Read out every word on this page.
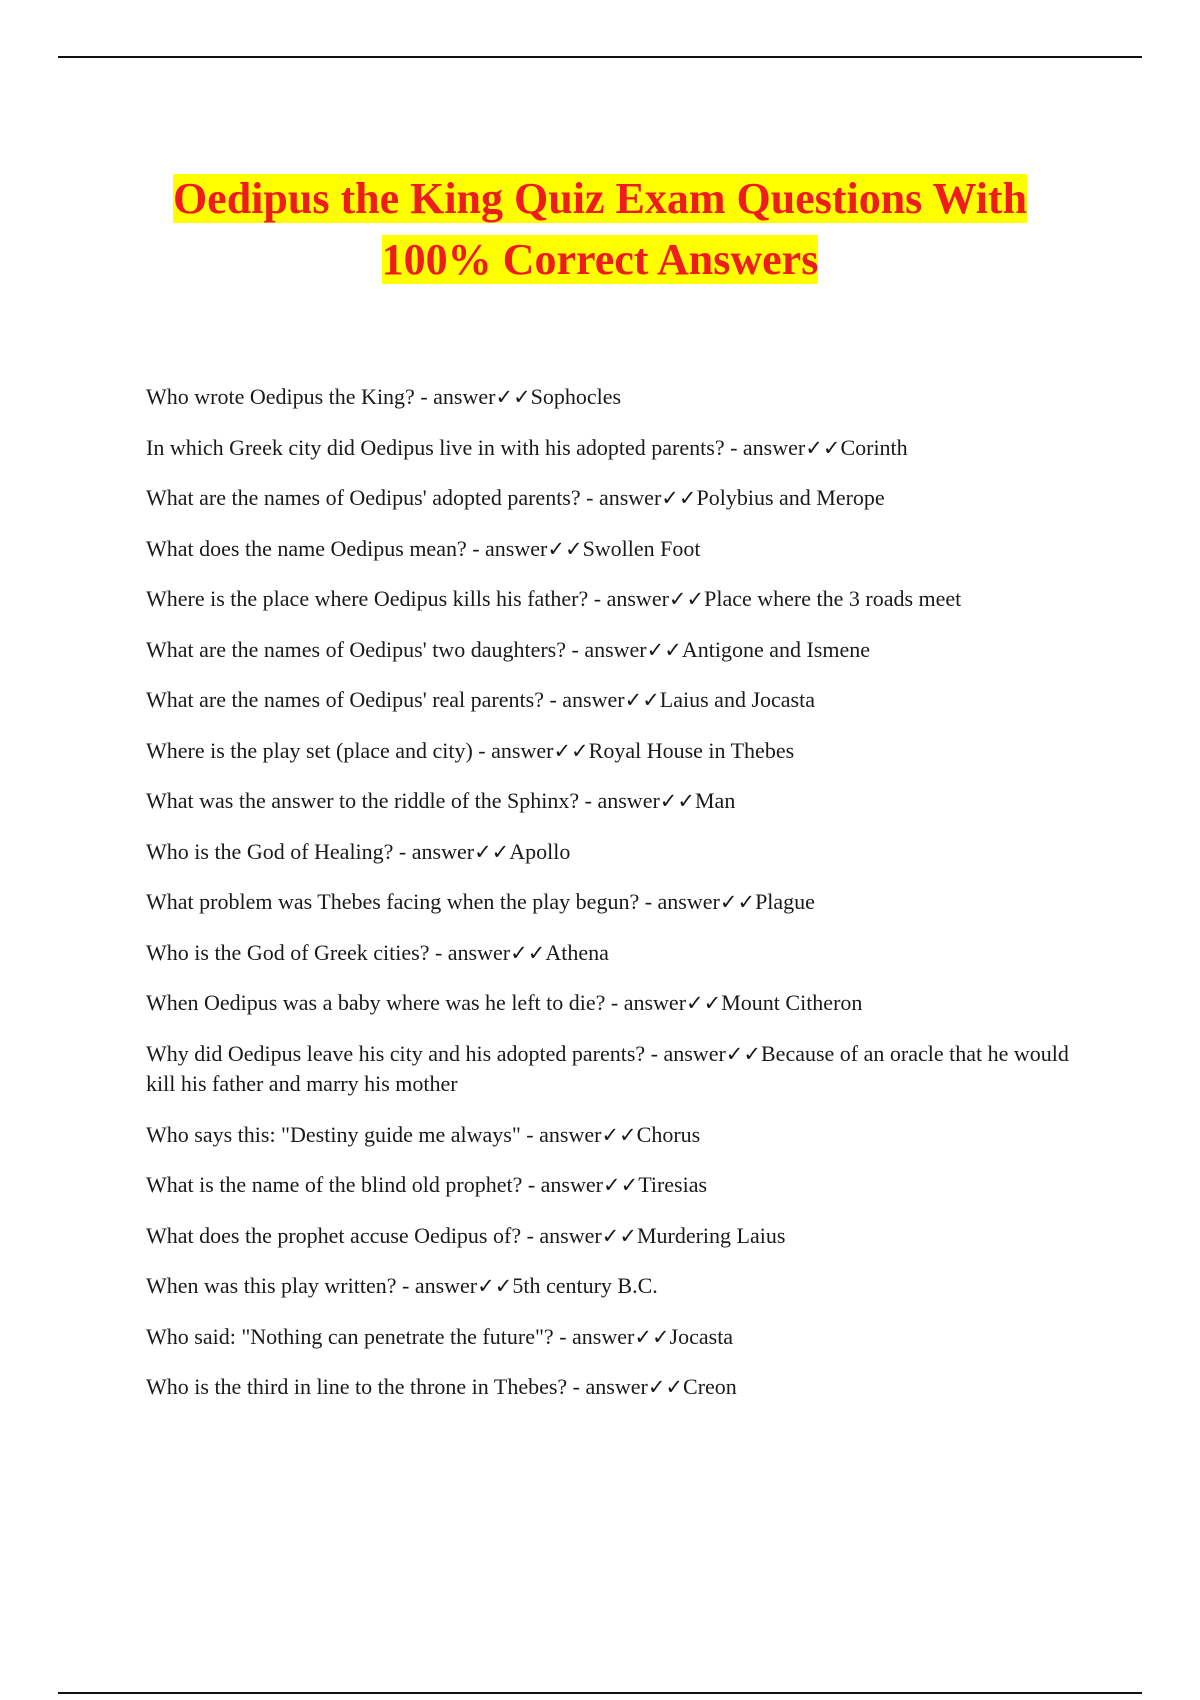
Oedipus the King Quiz Exam Questions With
100% Correct Answers
Who wrote Oedipus the King? - answer✓✓Sophocles
In which Greek city did Oedipus live in with his adopted parents? - answer✓✓Corinth
What are the names of Oedipus' adopted parents? - answer✓✓Polybius and Merope
What does the name Oedipus mean? - answer✓✓Swollen Foot
Where is the place where Oedipus kills his father? - answer✓✓Place where the 3 roads meet
What are the names of Oedipus' two daughters? - answer✓✓Antigone and Ismene
What are the names of Oedipus' real parents? - answer✓✓Laius and Jocasta
Where is the play set (place and city) - answer✓✓Royal House in Thebes
What was the answer to the riddle of the Sphinx? - answer✓✓Man
Who is the God of Healing? - answer✓✓Apollo
What problem was Thebes facing when the play begun? - answer✓✓Plague
Who is the God of Greek cities? - answer✓✓Athena
When Oedipus was a baby where was he left to die? - answer✓✓Mount Citheron
Why did Oedipus leave his city and his adopted parents? - answer✓✓Because of an oracle that he would kill his father and marry his mother
Who says this: "Destiny guide me always" - answer✓✓Chorus
What is the name of the blind old prophet? - answer✓✓Tiresias
What does the prophet accuse Oedipus of? - answer✓✓Murdering Laius
When was this play written? - answer✓✓5th century B.C.
Who said: "Nothing can penetrate the future"? - answer✓✓Jocasta
Who is the third in line to the throne in Thebes? - answer✓✓Creon
